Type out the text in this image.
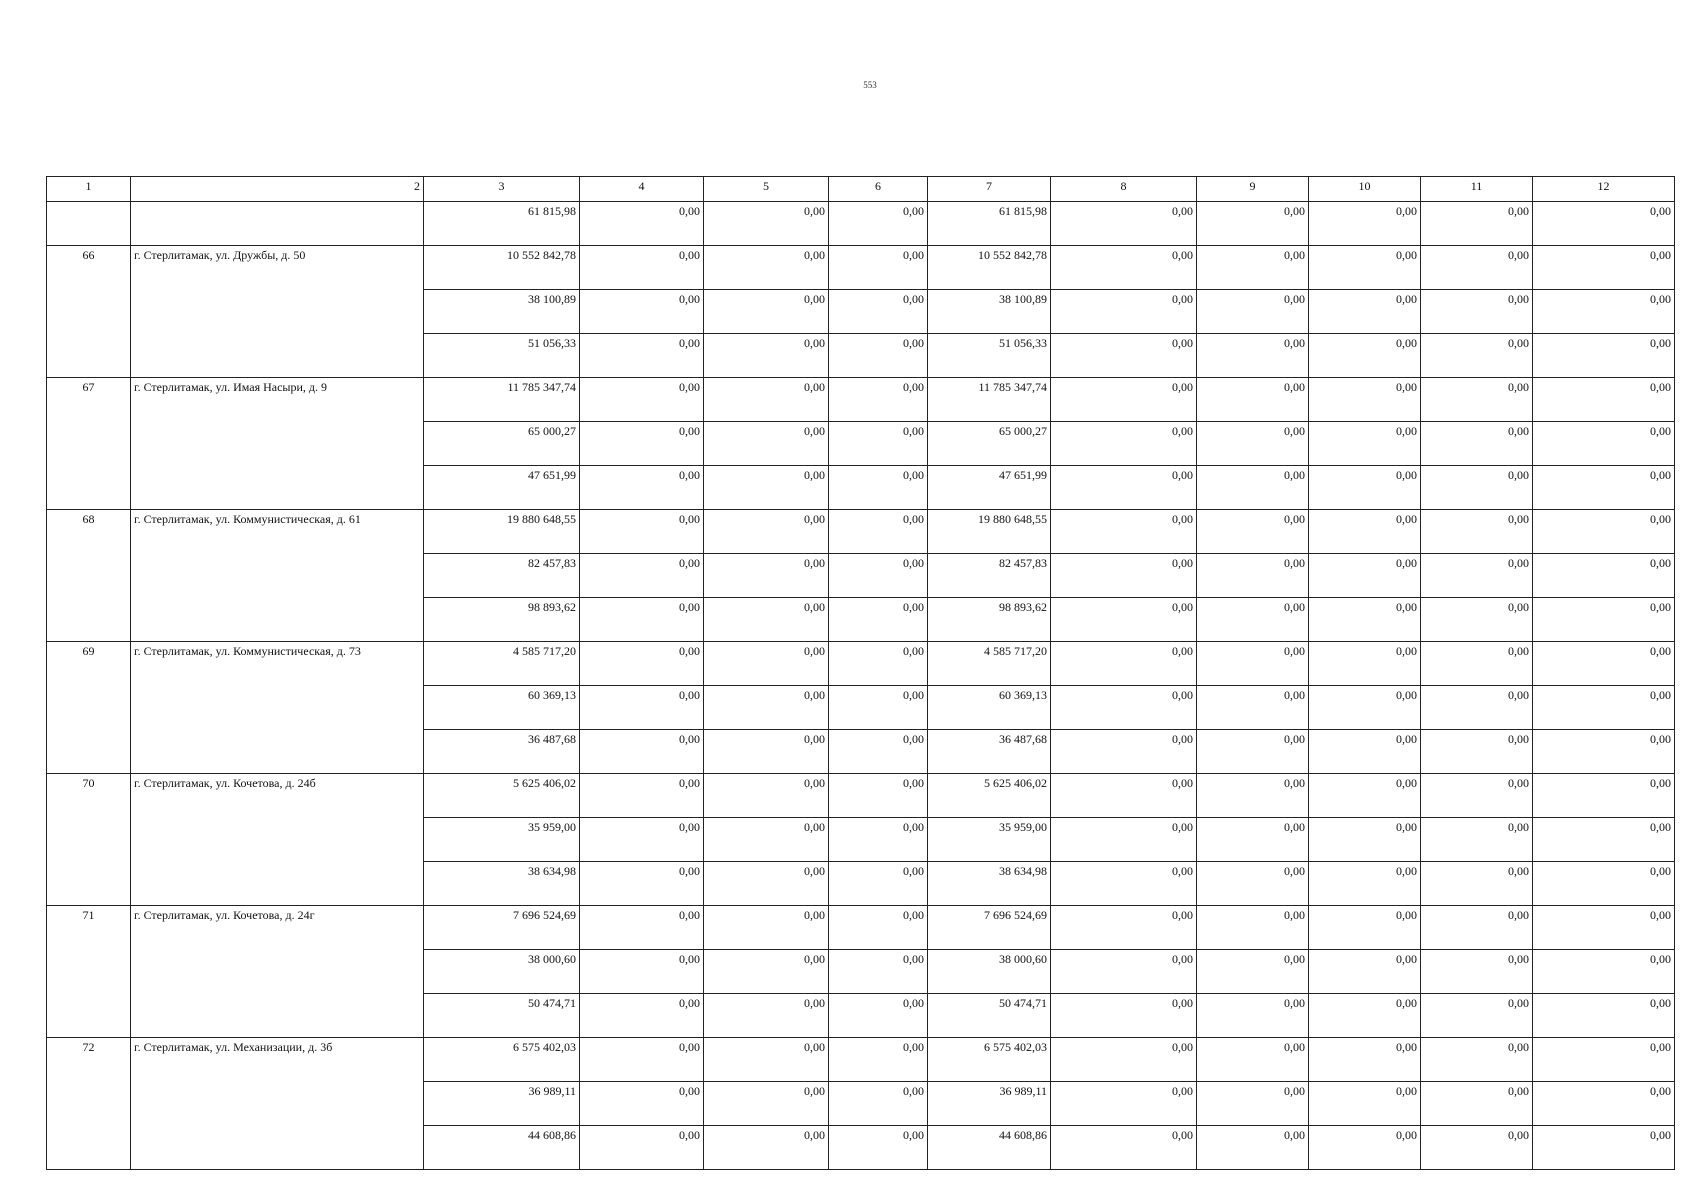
553
1	2	3	4	5	6	7	8	9	10	11	12
		61 815,98	0,00	0,00	0,00	61 815,98	0,00	0,00	0,00	0,00	0,00
66	г. Стерлитамак, ул. Дружбы, д. 50	10 552 842,78	0,00	0,00	0,00	10 552 842,78	0,00	0,00	0,00	0,00	0,00
		38 100,89	0,00	0,00	0,00	38 100,89	0,00	0,00	0,00	0,00	0,00
		51 056,33	0,00	0,00	0,00	51 056,33	0,00	0,00	0,00	0,00	0,00
67	г. Стерлитамак, ул. Имая Насыри, д. 9	11 785 347,74	0,00	0,00	0,00	11 785 347,74	0,00	0,00	0,00	0,00	0,00
		65 000,27	0,00	0,00	0,00	65 000,27	0,00	0,00	0,00	0,00	0,00
		47 651,99	0,00	0,00	0,00	47 651,99	0,00	0,00	0,00	0,00	0,00
68	г. Стерлитамак, ул. Коммунистическая, д. 61	19 880 648,55	0,00	0,00	0,00	19 880 648,55	0,00	0,00	0,00	0,00	0,00
		82 457,83	0,00	0,00	0,00	82 457,83	0,00	0,00	0,00	0,00	0,00
		98 893,62	0,00	0,00	0,00	98 893,62	0,00	0,00	0,00	0,00	0,00
69	г. Стерлитамак, ул. Коммунистическая, д. 73	4 585 717,20	0,00	0,00	0,00	4 585 717,20	0,00	0,00	0,00	0,00	0,00
		60 369,13	0,00	0,00	0,00	60 369,13	0,00	0,00	0,00	0,00	0,00
		36 487,68	0,00	0,00	0,00	36 487,68	0,00	0,00	0,00	0,00	0,00
70	г. Стерлитамак, ул. Кочетова, д. 24б	5 625 406,02	0,00	0,00	0,00	5 625 406,02	0,00	0,00	0,00	0,00	0,00
		35 959,00	0,00	0,00	0,00	35 959,00	0,00	0,00	0,00	0,00	0,00
		38 634,98	0,00	0,00	0,00	38 634,98	0,00	0,00	0,00	0,00	0,00
71	г. Стерлитамак, ул. Кочетова, д. 24г	7 696 524,69	0,00	0,00	0,00	7 696 524,69	0,00	0,00	0,00	0,00	0,00
		38 000,60	0,00	0,00	0,00	38 000,60	0,00	0,00	0,00	0,00	0,00
		50 474,71	0,00	0,00	0,00	50 474,71	0,00	0,00	0,00	0,00	0,00
72	г. Стерлитамак, ул. Механизации, д. 3б	6 575 402,03	0,00	0,00	0,00	6 575 402,03	0,00	0,00	0,00	0,00	0,00
		36 989,11	0,00	0,00	0,00	36 989,11	0,00	0,00	0,00	0,00	0,00
		44 608,86	0,00	0,00	0,00	44 608,86	0,00	0,00	0,00	0,00	0,00
